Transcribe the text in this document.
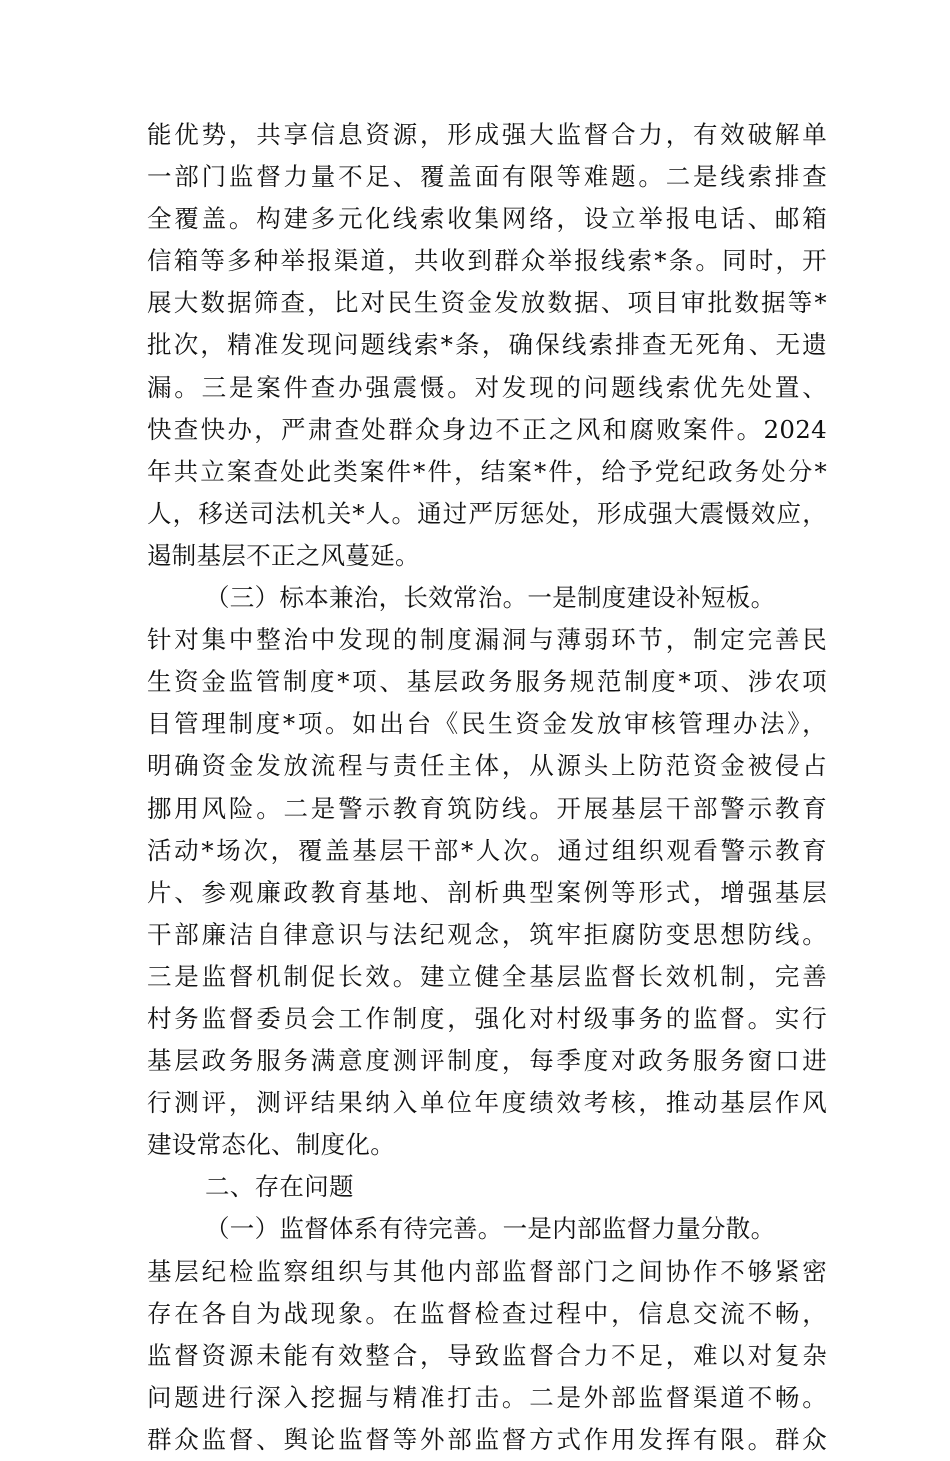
能优势，共享信息资源，形成强大监督合力，有效破解单
一部门监督力量不足、覆盖面有限等难题。二是线索排查
全覆盖。构建多元化线索收集网络，设立举报电话、邮箱
信箱等多种举报渠道，共收到群众举报线索*条。同时，开
展大数据筛查，比对民生资金发放数据、项目审批数据等*
批次，精准发现问题线索*条，确保线索排查无死角、无遗
漏。三是案件查办强震慑。对发现的问题线索优先处置、
快查快办，严肃查处群众身边不正之风和腐败案件。2024
年共立案查处此类案件*件，结案*件，给予党纪政务处分*
人，移送司法机关*人。通过严厉惩处，形成强大震慑效应，
遏制基层不正之风蔓延。
（三）标本兼治，长效常治。一是制度建设补短板。
针对集中整治中发现的制度漏洞与薄弱环节，制定完善民
生资金监管制度*项、基层政务服务规范制度*项、涉农项
目管理制度*项。如出台《民生资金发放审核管理办法》，
明确资金发放流程与责任主体，从源头上防范资金被侵占
挪用风险。二是警示教育筑防线。开展基层干部警示教育
活动*场次，覆盖基层干部*人次。通过组织观看警示教育
片、参观廉政教育基地、剖析典型案例等形式，增强基层
干部廉洁自律意识与法纪观念，筑牢拒腐防变思想防线。
三是监督机制促长效。建立健全基层监督长效机制，完善
村务监督委员会工作制度，强化对村级事务的监督。实行
基层政务服务满意度测评制度，每季度对政务服务窗口进
行测评，测评结果纳入单位年度绩效考核，推动基层作风
建设常态化、制度化。
二、存在问题
（一）监督体系有待完善。一是内部监督力量分散。
基层纪检监察组织与其他内部监督部门之间协作不够紧密
存在各自为战现象。在监督检查过程中，信息交流不畅，
监督资源未能有效整合，导致监督合力不足，难以对复杂
问题进行深入挖掘与精准打击。二是外部监督渠道不畅。
群众监督、舆论监督等外部监督方式作用发挥有限。群众
